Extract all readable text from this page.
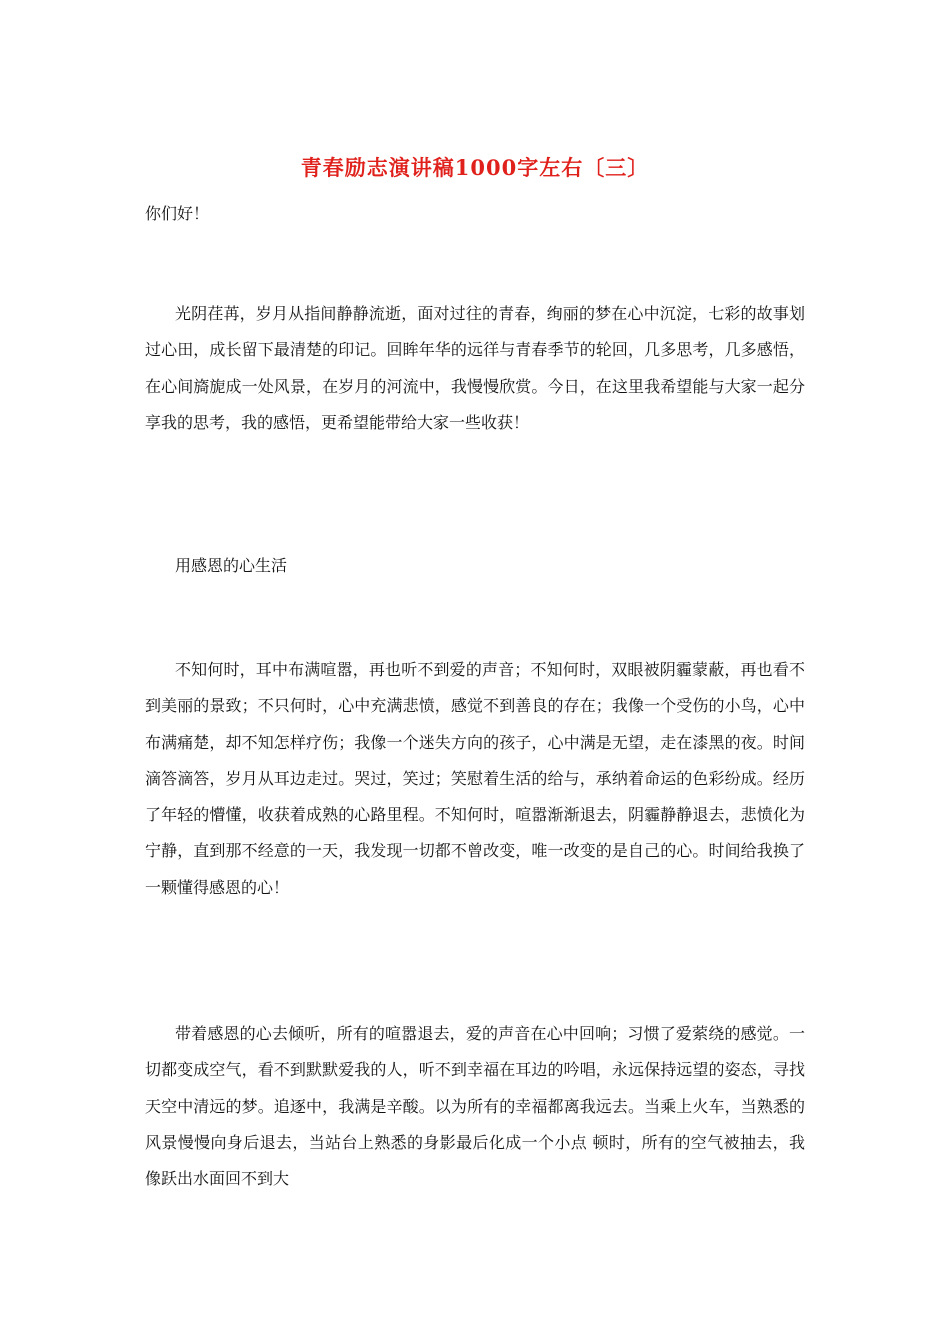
青春励志演讲稿1000字左右〔三〕
你们好！

光阴荏苒，岁月从指间静静流逝，面对过往的青春，绚丽的梦在心中沉淀，七彩的故事划过心田，成长留下最清楚的印记。回眸年华的远徉与青春季节的轮回，几多思考，几多感悟，在心间旖旎成一处风景，在岁月的河流中，我慢慢欣赏。今日，在这里我希望能与大家一起分享我的思考，我的感悟，更希望能带给大家一些收获！

用感恩的心生活

不知何时，耳中布满喧嚣，再也听不到爱的声音；不知何时，双眼被阴霾蒙蔽，再也看不到美丽的景致；不只何时，心中充满悲愤，感觉不到善良的存在；我像一个受伤的小鸟，心中布满痛楚，却不知怎样疗伤；我像一个迷失方向的孩子，心中满是无望，走在漆黑的夜。时间滴答滴答，岁月从耳边走过。哭过，笑过；笑慰着生活的给与，承纳着命运的色彩纷成。经历了年轻的懵懂，收获着成熟的心路里程。不知何时，喧嚣渐渐退去，阴霾静静退去，悲愤化为宁静，直到那不经意的一天，我发现一切都不曾改变，唯一改变的是自己的心。时间给我换了一颗懂得感恩的心！

带着感恩的心去倾听，所有的喧嚣退去，爱的声音在心中回响；习惯了爱萦绕的感觉。一切都变成空气，看不到默默爱我的人，听不到幸福在耳边的吟唱，永远保持远望的姿态，寻找天空中清远的梦。追逐中，我满是辛酸。以为所有的幸福都离我远去。当乘上火车，当熟悉的风景慢慢向身后退去，当站台上熟悉的身影最后化成一个小点 顿时，所有的空气被抽去，我像跃出水面回不到大
